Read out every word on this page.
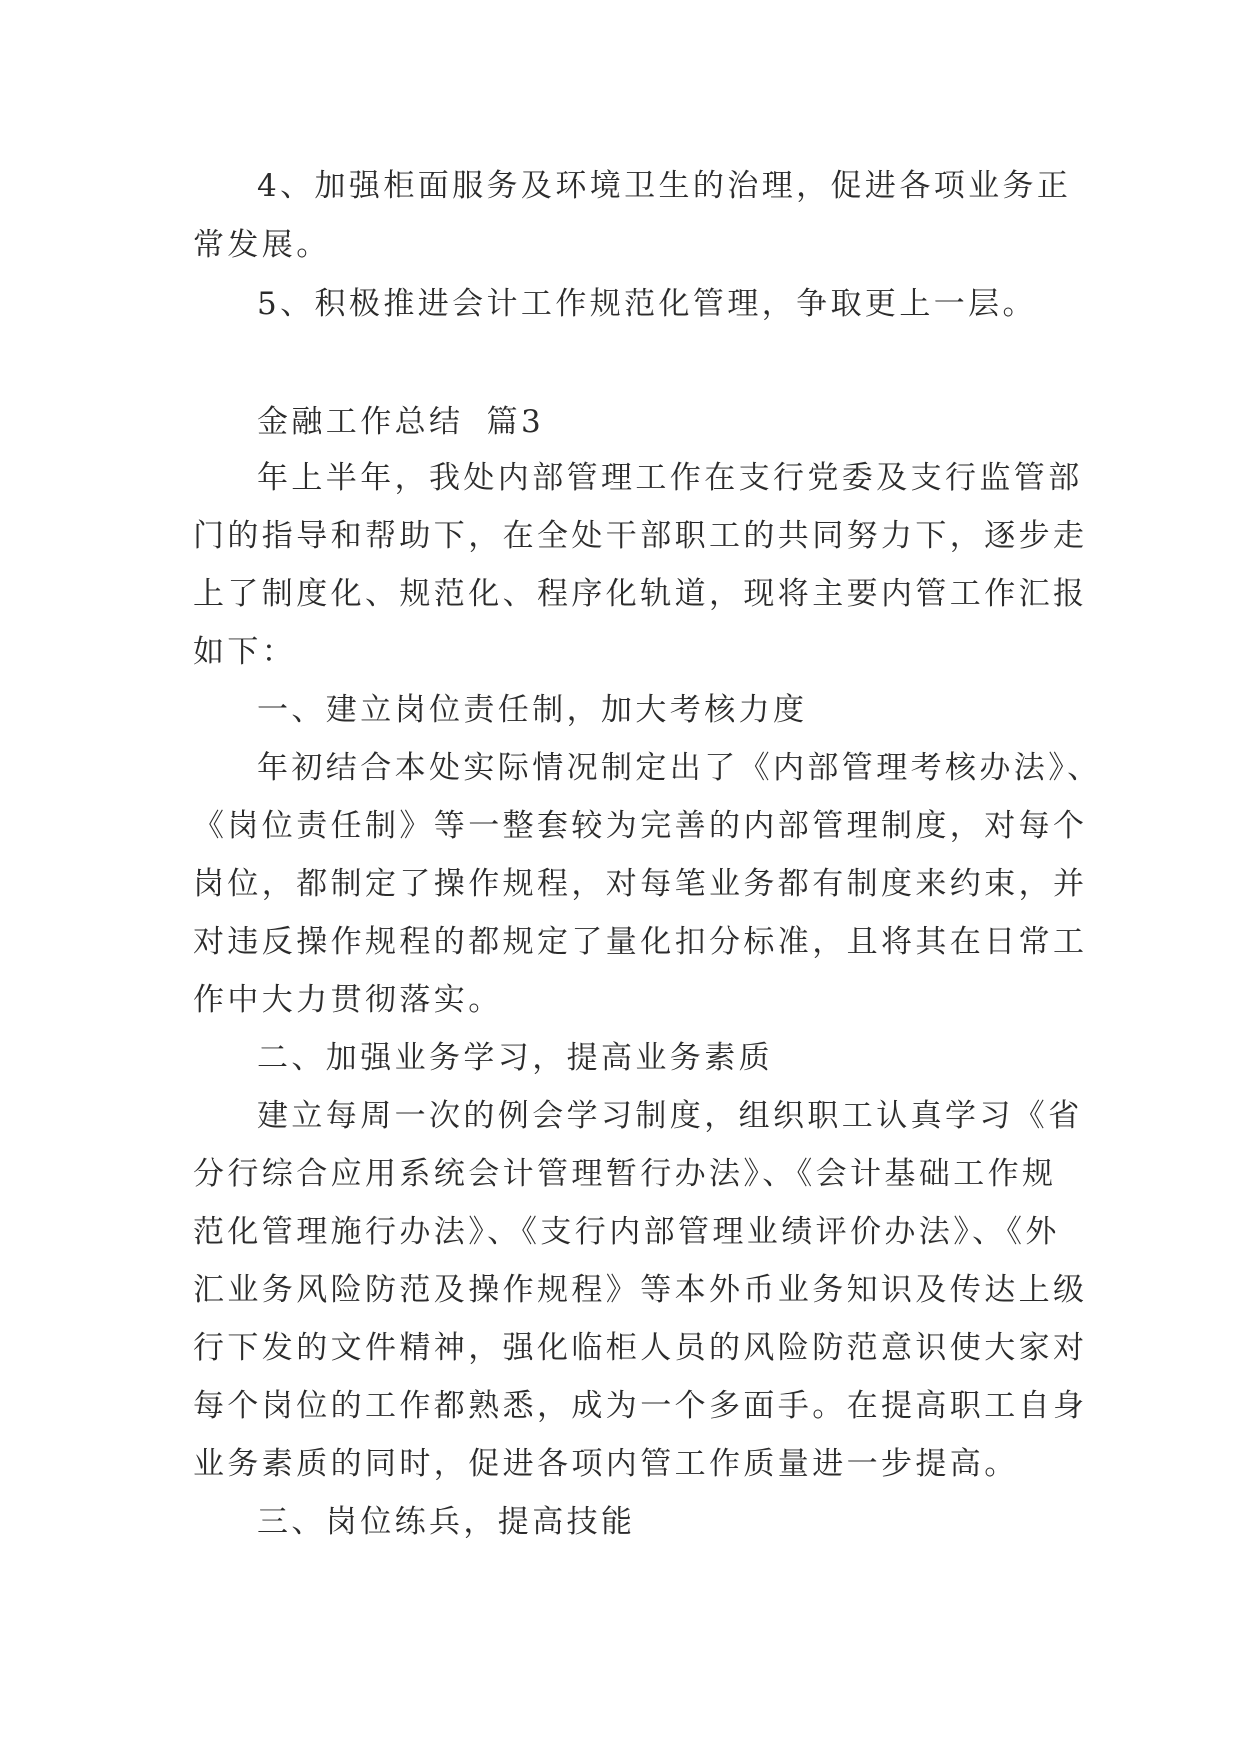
4、加强柜面服务及环境卫生的治理，促进各项业务正
常发展。
5、积极推进会计工作规范化管理，争取更上一层。
金融工作总结 篇3
年上半年，我处内部管理工作在支行党委及支行监管部
门的指导和帮助下，在全处干部职工的共同努力下，逐步走
上了制度化、规范化、程序化轨道，现将主要内管工作汇报
如下：
一、建立岗位责任制，加大考核力度
年初结合本处实际情况制定出了《内部管理考核办法》、
《岗位责任制》等一整套较为完善的内部管理制度，对每个
岗位，都制定了操作规程，对每笔业务都有制度来约束，并
对违反操作规程的都规定了量化扣分标准，且将其在日常工
作中大力贯彻落实。
二、加强业务学习，提高业务素质
建立每周一次的例会学习制度，组织职工认真学习《省
分行综合应用系统会计管理暂行办法》、《会计基础工作规
范化管理施行办法》、《支行内部管理业绩评价办法》、《外
汇业务风险防范及操作规程》等本外币业务知识及传达上级
行下发的文件精神，强化临柜人员的风险防范意识使大家对
每个岗位的工作都熟悉，成为一个多面手。在提高职工自身
业务素质的同时，促进各项内管工作质量进一步提高。
三、岗位练兵，提高技能
